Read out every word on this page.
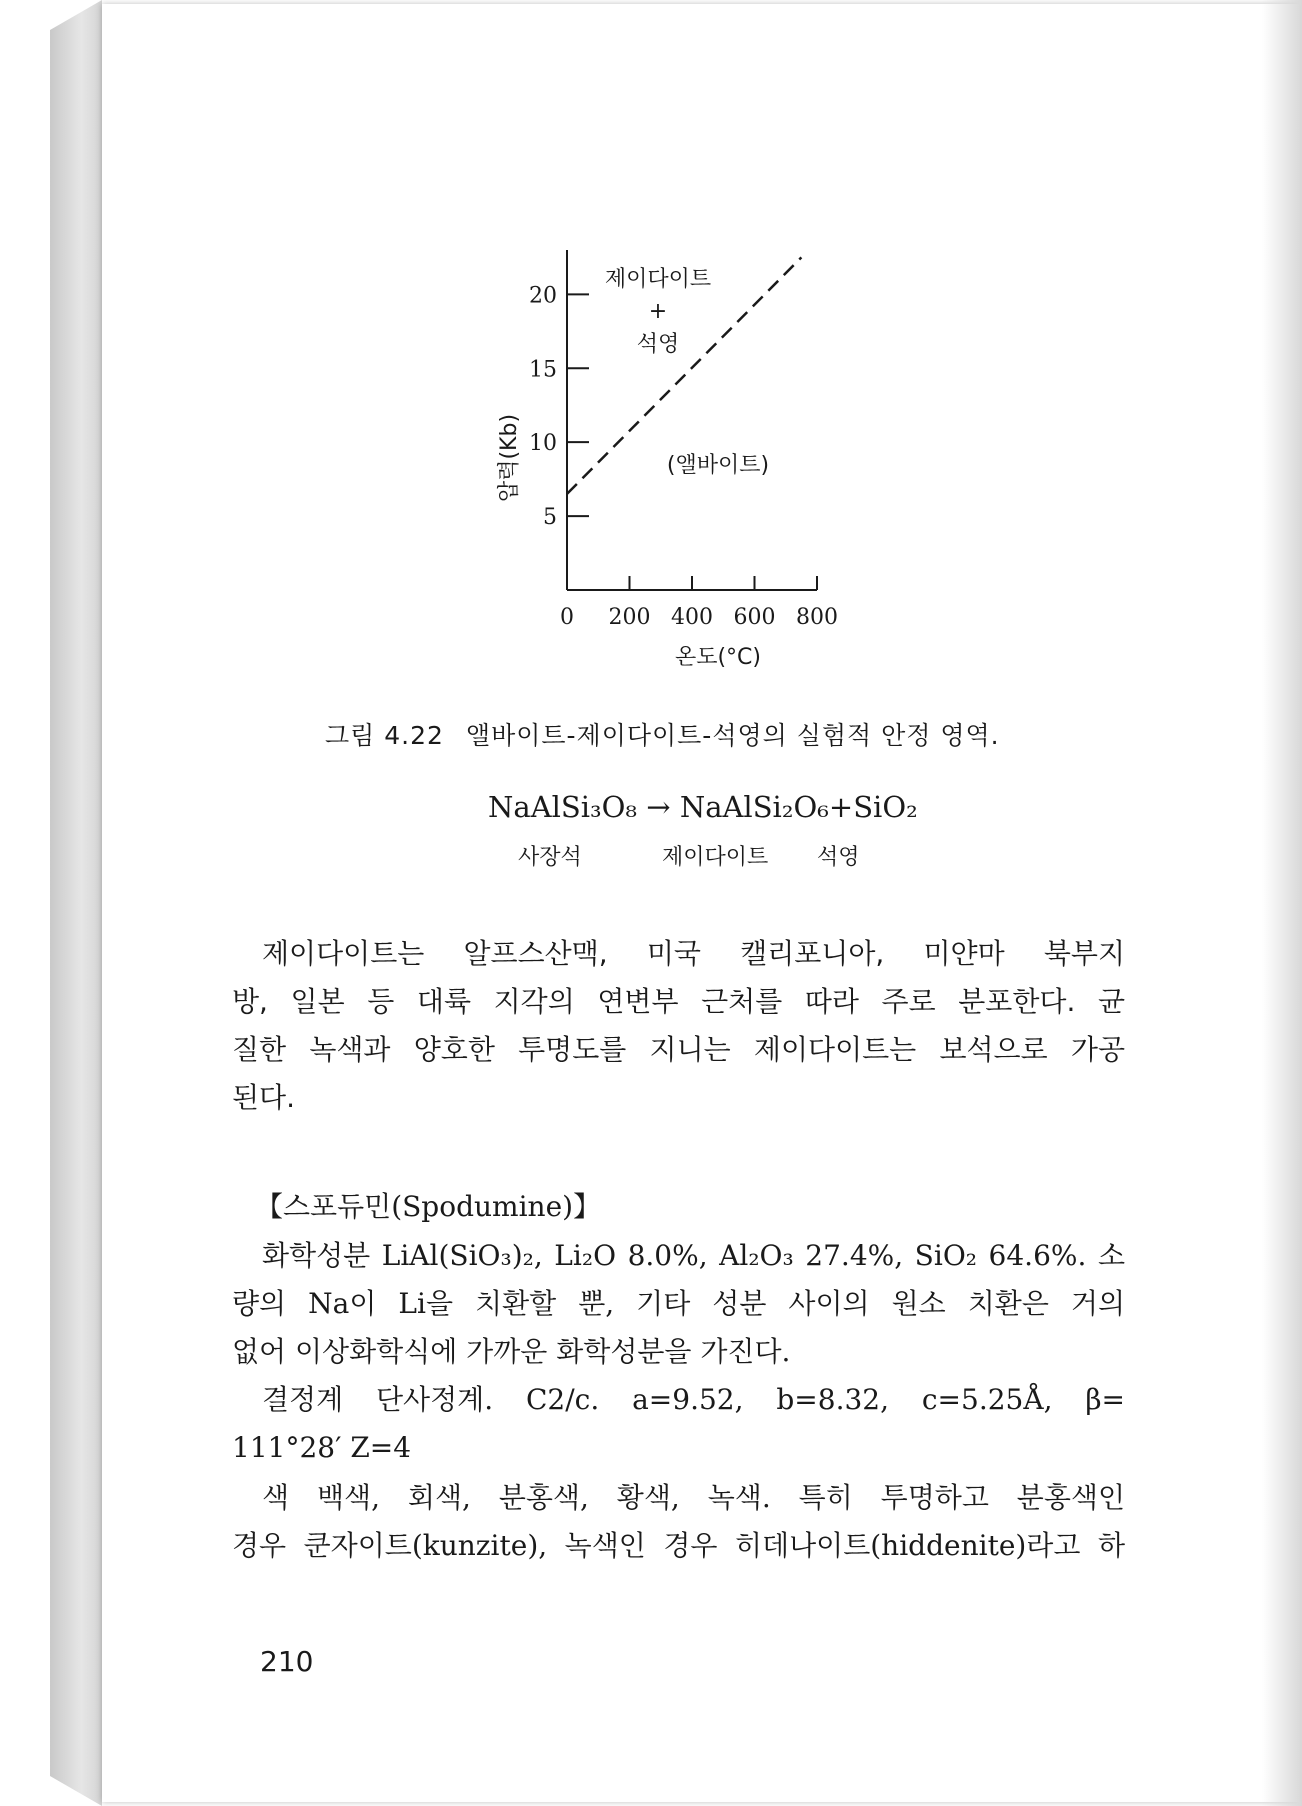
0 200 400 600 800
5
10
15
20
제이다이트
+
석영
(앨바이트)
온도(°C)
압력(Kb)
그림 4.22 앨바이트-제이다이트-석영의 실험적 안정 영역.
NaAlSi₃O₈ → NaAlSi₂O₆+SiO₂
사장석	제이다이트 석영
제이다이트는 알프스산맥, 미국 캘리포니아, 미얀마 북부지
방, 일본 등 대륙 지각의 연변부 근처를 따라 주로 분포한다. 균
질한 녹색과 양호한 투명도를 지니는 제이다이트는 보석으로 가공
된다.
【스포듀민(Spodumine)】
화학성분 LiAl(SiO₃)₂, Li₂O 8.0%, Al₂O₃ 27.4%, SiO₂ 64.6%. 소
량의 Na이 Li을 치환할 뿐, 기타 성분 사이의 원소 치환은 거의
없어 이상화학식에 가까운 화학성분을 가진다.
결정계 단사정계. C2/c. a=9.52, b=8.32, c=5.25Å, β=
111°28′ Z=4
색 백색, 회색, 분홍색, 황색, 녹색. 특히 투명하고 분홍색인
경우 쿤자이트(kunzite), 녹색인 경우 히데나이트(hiddenite)라고 하
210
